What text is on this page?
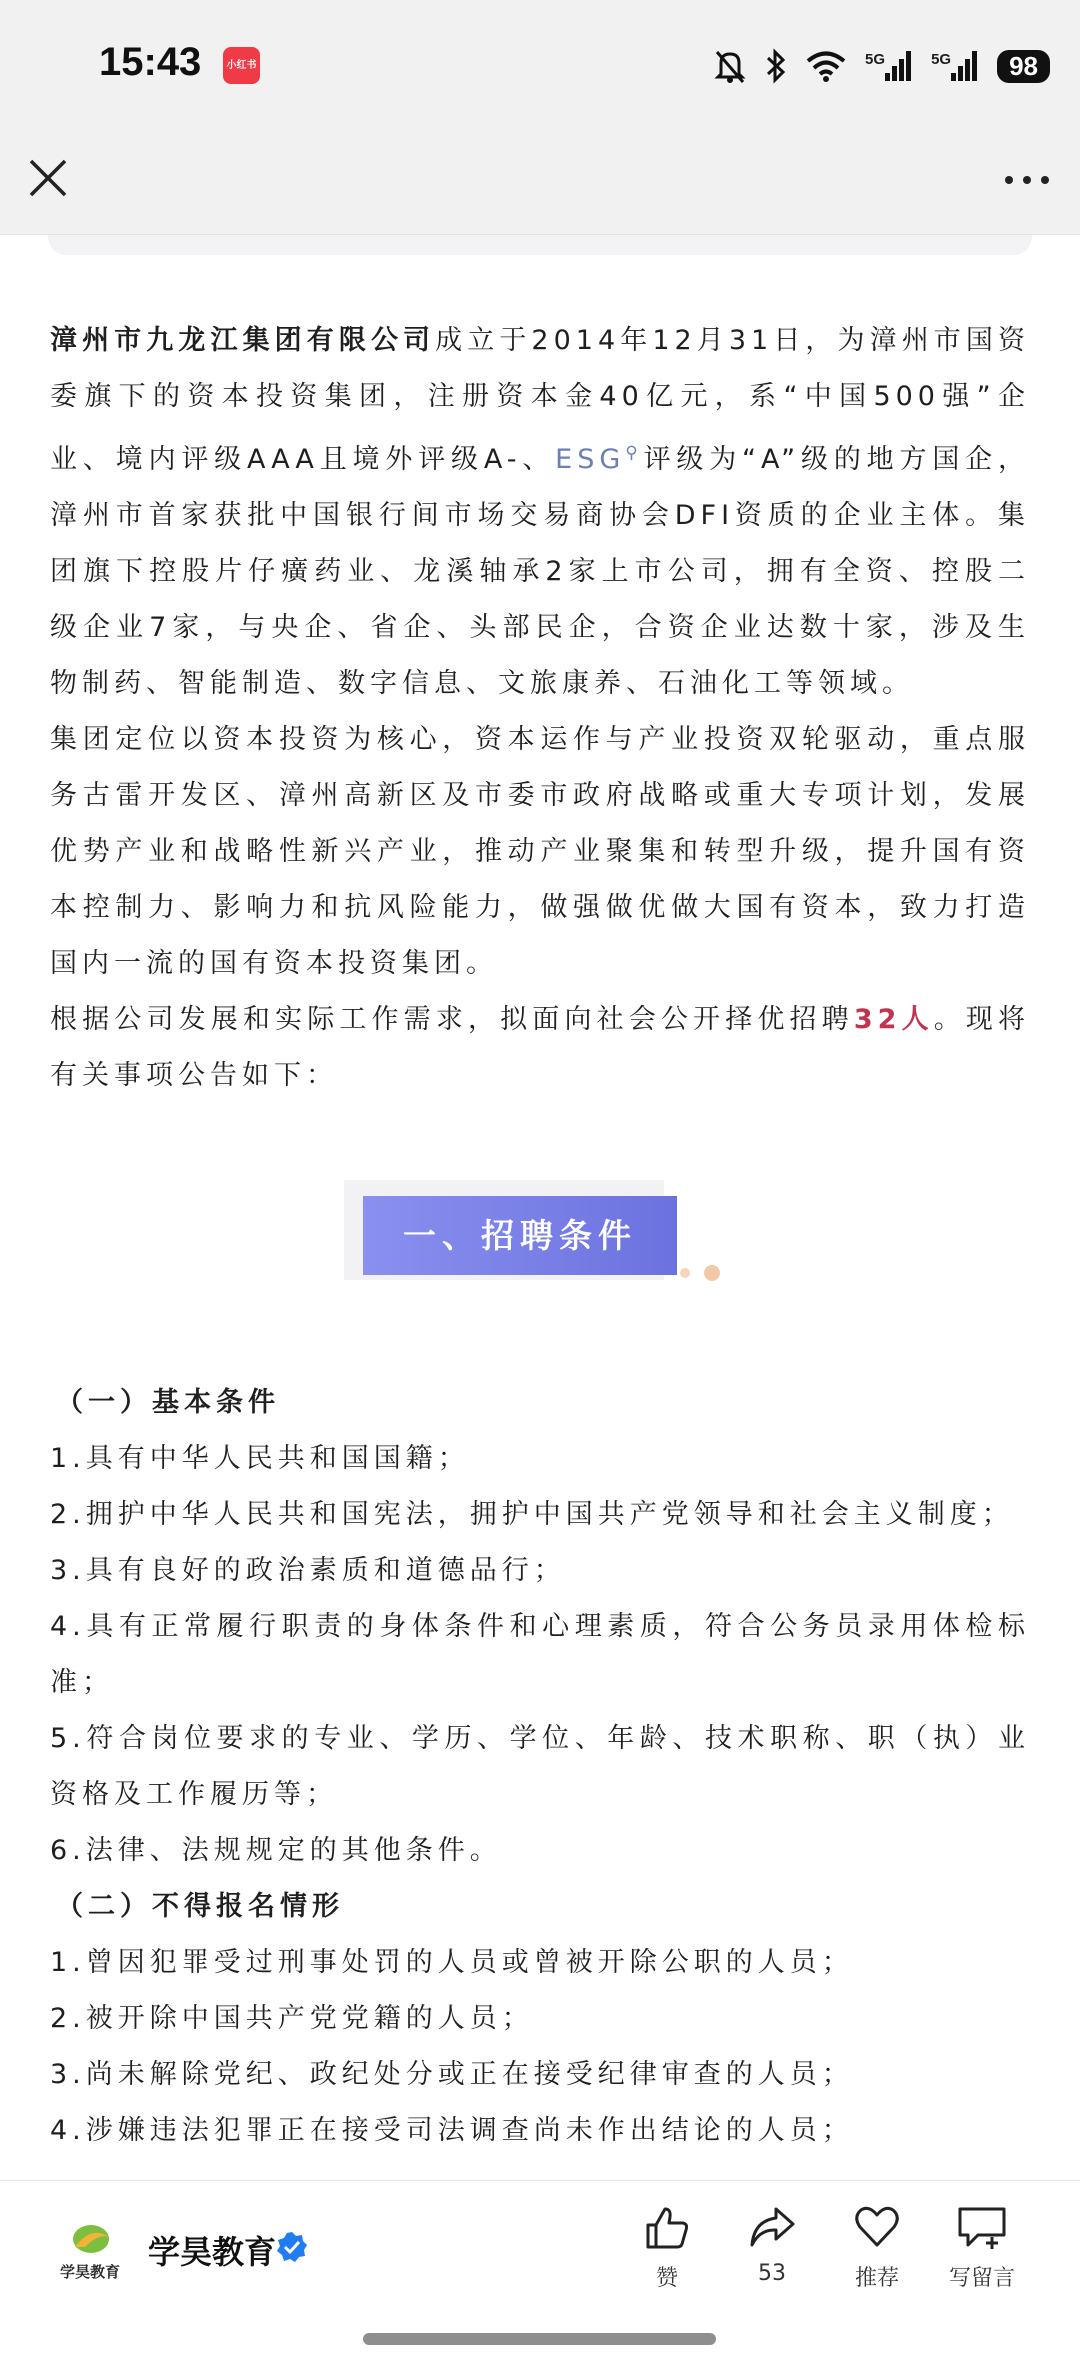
15:43	小红书	5G	5G	98

漳州市九龙江集团有限公司成立于2014年12月31日，为漳州市国资委旗下的资本投资集团，注册资本金40亿元，系“中国500强”企业、境内评级AAA且境外评级A-、ESG⚲评级为“A”级的地方国企，漳州市首家获批中国银行间市场交易商协会DFI资质的企业主体。集团旗下控股片仔癀药业、龙溪轴承2家上市公司，拥有全资、控股二级企业7家，与央企、省企、头部民企，合资企业达数十家，涉及生物制药、智能制造、数字信息、文旅康养、石油化工等领域。

集团定位以资本投资为核心，资本运作与产业投资双轮驱动，重点服务古雷开发区、漳州高新区及市委市政府战略或重大专项计划，发展优势产业和战略性新兴产业，推动产业聚集和转型升级，提升国有资本控制力、影响力和抗风险能力，做强做优做大国有资本，致力打造国内一流的国有资本投资集团。

根据公司发展和实际工作需求，拟面向社会公开择优招聘32人。现将有关事项公告如下：

一、招聘条件

（一）基本条件

1.具有中华人民共和国国籍；

2.拥护中华人民共和国宪法，拥护中国共产党领导和社会主义制度；

3.具有良好的政治素质和道德品行；

4.具有正常履行职责的身体条件和心理素质，符合公务员录用体检标准；

5.符合岗位要求的专业、学历、学位、年龄、技术职称、职（执）业资格及工作履历等；

6.法律、法规规定的其他条件。

（二）不得报名情形

1.曾因犯罪受过刑事处罚的人员或曾被开除公职的人员；

2.被开除中国共产党党籍的人员；

3.尚未解除党纪、政纪处分或正在接受纪律审查的人员；

4.涉嫌违法犯罪正在接受司法调查尚未作出结论的人员；

学昊教育
学昊教育
赞	53	推荐	写留言
